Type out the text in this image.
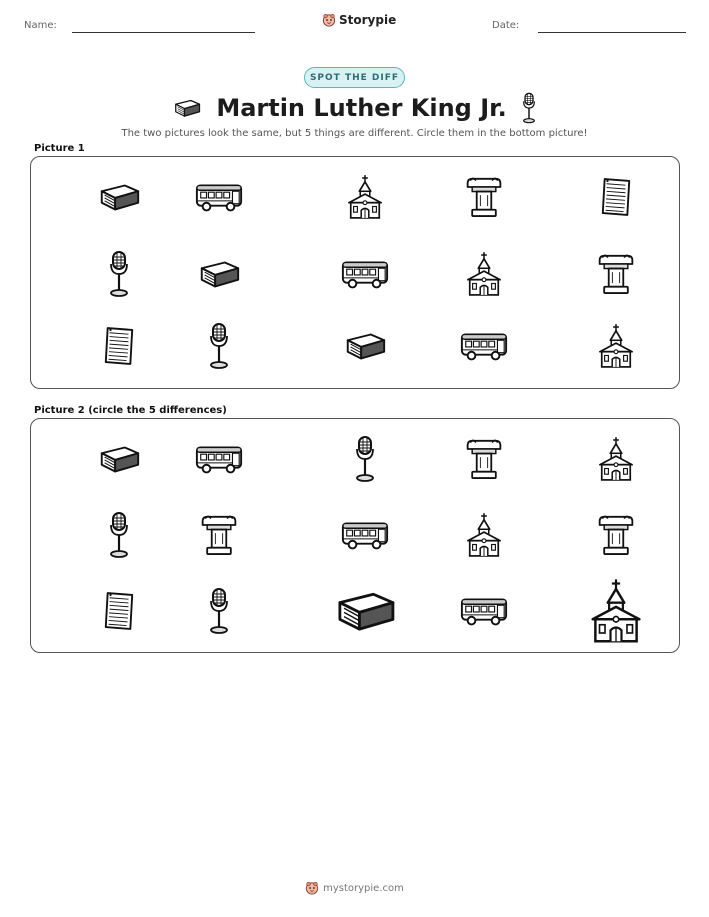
Name:	Storypie	Date:
SPOT THE DIFF
Martin Luther King Jr.
The two pictures look the same, but 5 things are different. Circle them in the bottom picture!
Picture 1
Picture 2 (circle the 5 differences)
mystorypie.com
